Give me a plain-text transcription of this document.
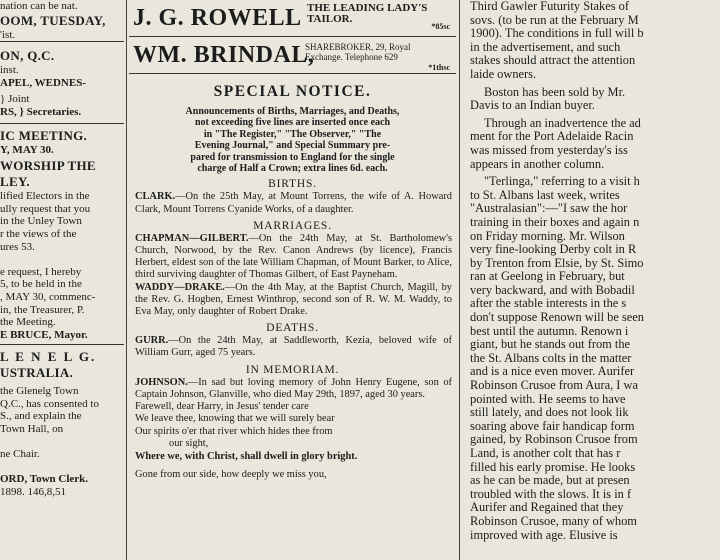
nation can be nat.
OOM, TUESDAY,
'ist.
ON, Q.C.
inst.
APEL, WEDNES-
} Joint
RS, } Secretaries.
IC MEETING.
Y, MAY 30.
WORSHIP THE
LEY.
lified Electors in the
ully request that you
in the Unley Town
r the views of the
ures 53.

e request, I hereby
5, to be held in the
, MAY 30, commenc-
in, the Treasurer, P.
the Meeting.
E BRUCE, Mayor.
L E N E L G.
USTRALIA.
the Glenelg Town
Q.C., has consented to
S., and explain the
Town Hall, on

ne Chair.

ORD, Town Clerk.
1898. 146,8,51
J. G. ROWELL THE LEADING LADY'S TAILOR.
*85sc
WM. BRINDAL,
SHAREBROKER, 29, Royal
Exchange. Telephone 629
*1thsc
SPECIAL NOTICE.
Announcements of Births, Marriages, and Deaths,
not exceeding five lines are inserted once each
in "The Register," "The Observer," "The
Evening Journal," and Special Summary pre-
pared for transmission to England for the single
charge of Half a Crown; extra lines 6d. each.
BIRTHS.
CLARK.—On the 25th May, at Mount Torrens, the wife of A. Howard Clark, Mount Torrens Cyanide Works, of a daughter.
MARRIAGES.
CHAPMAN—GILBERT.—On the 24th May, at St. Bartholomew's Church, Norwood, by the Rev. Canon Andrews (by licence), Francis Herbert, eldest son of the late William Chapman, of Mount Barker, to Alice, third surviving daughter of Thomas Gilbert, of East Payneham.
WADDY—DRAKE.—On the 4th May, at the Baptist Church, Magill, by the Rev. G. Hogben, Ernest Winthrop, second son of R. W. M. Waddy, to Eva May, only daughter of Robert Drake.
DEATHS.
GURR.—On the 24th May, at Saddleworth, Kezia, beloved wife of William Gurr, aged 75 years.
IN MEMORIAM.
JOHNSON.—In sad but loving memory of John Henry Eugene, son of Captain Johnson, Glanville, who died May 29th, 1897, aged 30 years.
Farewell, dear Harry, in Jesus' tender care
We leave thee, knowing that we will surely bear
Our spirits o'er that river which hides thee from
our sight,
Where we, with Christ, shall dwell in glory bright.
Gone from our side, how deeply we miss you,
Third Gawler Futurity Stakes of
sovs. (to be run at the February M
1900). The conditions in full will b
in the advertisement, and such
stakes should attract the attention
laide owners.
Boston has been sold by Mr.
Davis to an Indian buyer.
Through an inadvertence the ad
ment for the Port Adelaide Racin
was missed from yesterday's iss
appears in another column.
"Terlinga," referring to a visit h
to St. Albans last week, writes
"Australasian":—"I saw the hor
training in their boxes and again n
on Friday morning. Mr. Wilson
very fine-looking Derby colt in R
by Trenton from Elsie, by St. Simo
ran at Geelong in February, but
very backward, and with Bobadil
after the stable interests in the s
don't suppose Renown will be seen
best until the autumn. Renown i
giant, but he stands out from the
the St. Albans colts in the matter
and is a nice even mover. Aurifer
Robinson Crusoe from Aura, I wa
pointed with. He seems to have
still lately, and does not look lik
soaring above fair handicap form
gained, by Robinson Crusoe from
Land, is another colt that has r
filled his early promise. He looks
as he can be made, but at presen
troubled with the slows. It is in f
Aurifer and Regained that they
Robinson Crusoe, many of whom
improved with age. Elusive is
